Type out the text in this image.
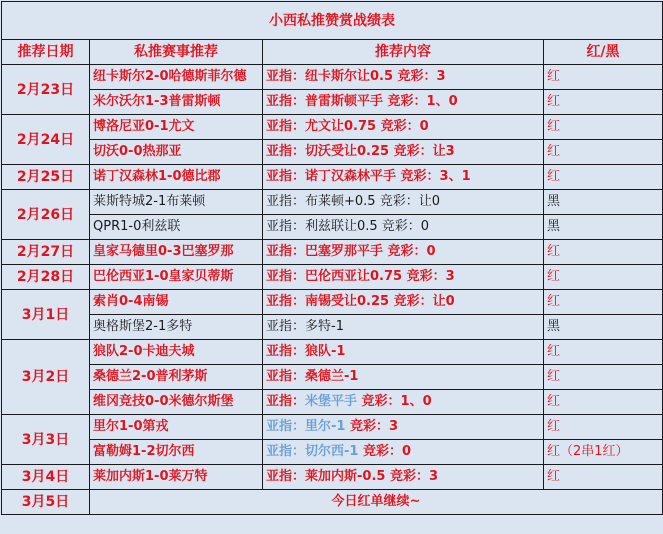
小西私推赞赏战绩表			
推荐日期	私推赛事推荐	推荐内容	红/黑
2月23日	纽卡斯尔2-0哈德斯菲尔德	亚指：纽卡斯尔让0.5 竞彩：3	红
	米尔沃尔1-3普雷斯顿	亚指：普雷斯顿平手 竞彩：1、0	红
2月24日	博洛尼亚0-1尤文	亚指：尤文让0.75 竞彩：0	红
	切沃0-0热那亚	亚指：切沃受让0.25 竞彩：让3	红
2月25日	诺丁汉森林1-0德比郡	亚指：诺丁汉森林平手 竞彩：3、1	红
2月26日	莱斯特城2-1布莱顿	亚指：布莱顿+0.5 竞彩：让0	黑
	QPR1-0利兹联	亚指：利兹联让0.5 竞彩：0	黑
2月27日	皇家马德里0-3巴塞罗那	亚指：巴塞罗那平手 竞彩：0	红
2月28日	巴伦西亚1-0皇家贝蒂斯	亚指：巴伦西亚让0.75 竞彩：3	红
3月1日	索肖0-4南锡	亚指：南锡受让0.25 竞彩：让0	红
	奥格斯堡2-1多特	亚指：多特-1	黑
3月2日	狼队2-0卡迪夫城	亚指：狼队-1	红
	桑德兰2-0普利茅斯	亚指：桑德兰-1	红
	维冈竞技0-0米德尔斯堡	亚指：米堡平手 竞彩：1、0	红
3月3日	里尔1-0第戎	亚指：里尔-1 竞彩：3	红
	富勒姆1-2切尔西	亚指：切尔西-1 竞彩：0	红（2串1红）
3月4日	莱加内斯1-0莱万特	亚指：莱加内斯-0.5 竞彩：3	红
3月5日	今日红单继续~		
